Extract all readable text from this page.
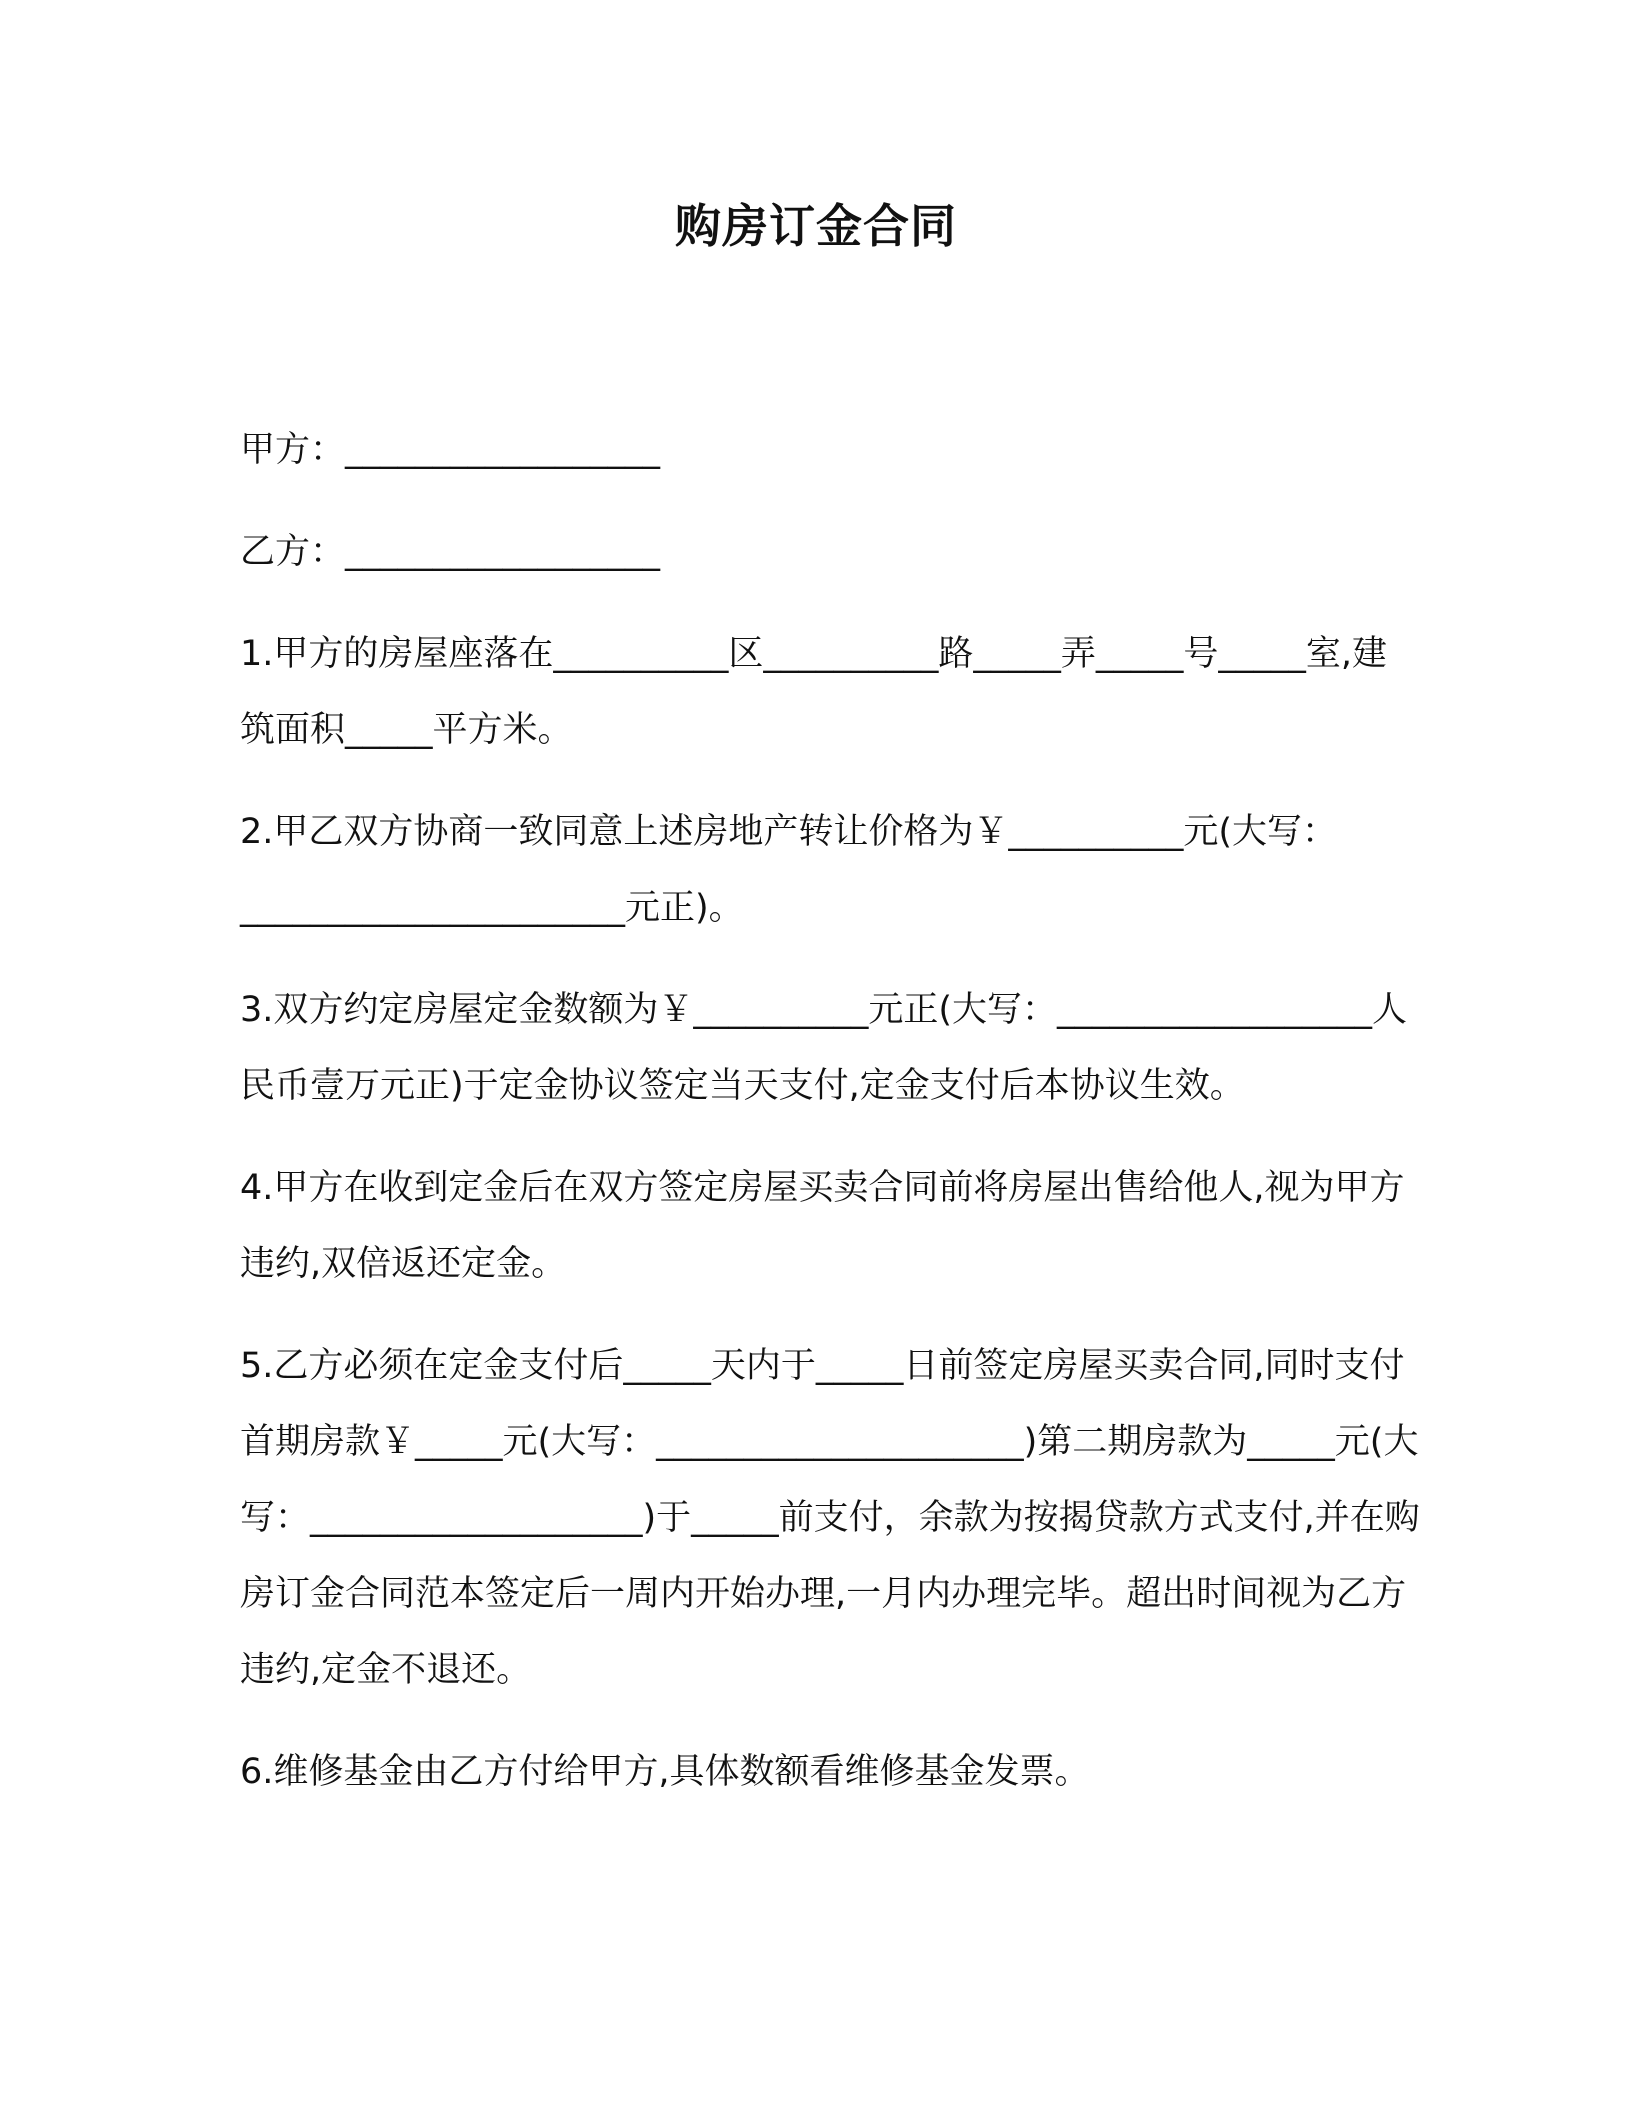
购房订金合同
甲方：__________________
乙方：__________________
1.甲方的房屋座落在__________区__________路_____弄_____号_____室,建筑面积_____平方米。
2.甲乙双方协商一致同意上述房地产转让价格为￥__________元(大写：______________________元正)。
3.双方约定房屋定金数额为￥__________元正(大写：__________________人民币壹万元正)于定金协议签定当天支付,定金支付后本协议生效。
4.甲方在收到定金后在双方签定房屋买卖合同前将房屋出售给他人,视为甲方违约,双倍返还定金。
5.乙方必须在定金支付后_____天内于_____日前签定房屋买卖合同,同时支付首期房款￥_____元(大写：_____________________)第二期房款为_____元(大写：___________________)于_____前支付，余款为按揭贷款方式支付,并在购房订金合同范本签定后一周内开始办理,一月内办理完毕。超出时间视为乙方违约,定金不退还。
6.维修基金由乙方付给甲方,具体数额看维修基金发票。
